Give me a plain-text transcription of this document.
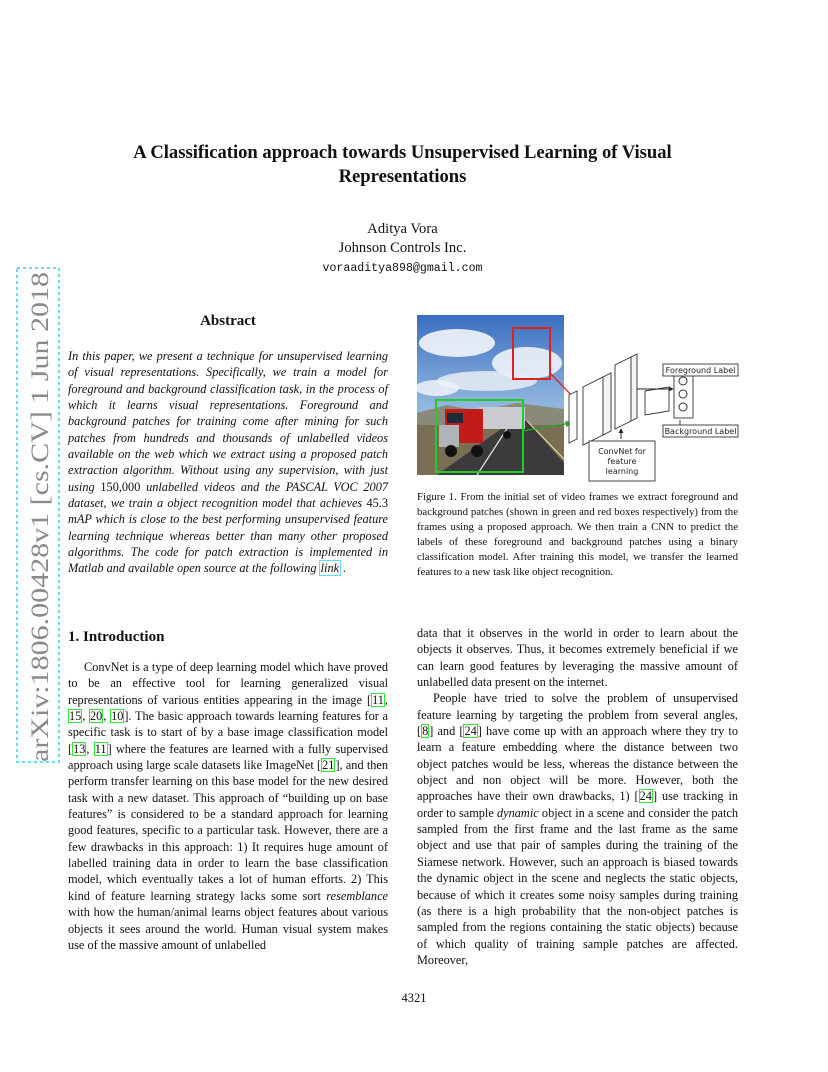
arXiv:1806.00428v1 [cs.CV] 1 Jun 2018
A Classification approach towards Unsupervised Learning of Visual
Representations
Aditya Vora
Johnson Controls Inc.
voraaditya898@gmail.com
Abstract

In this paper, we present a technique for unsupervised learning of visual representations. Specifically, we train a model for foreground and background classification task, in the process of which it learns visual representations. Foreground and background patches for training come after mining for such patches from hundreds and thousands of unlabelled videos available on the web which we extract using a proposed patch extraction algorithm. Without using any supervision, with just using 150,000 unlabelled videos and the PASCAL VOC 2007 dataset, we train a object recognition model that achieves 45.3 mAP which is close to the best performing unsupervised feature learning technique whereas better than many other proposed algorithms. The code for patch extraction is implemented in Matlab and available open source at the following link .

Foreground Label
Background Label
ConvNet for
feature
learning

Figure 1. From the initial set of video frames we extract foreground and background patches (shown in green and red boxes respectively) from the frames using a proposed approach. We then train a CNN to predict the labels of these foreground and background patches using a binary classification model. After training this model, we transfer the learned features to a new task like object recognition.

1. Introduction

ConvNet is a type of deep learning model which have proved to be an effective tool for learning generalized visual representations of various entities appearing in the image [11, 15, 20, 10]. The basic approach towards learning features for a specific task is to start of by a base image classification model [13, 11] where the features are learned with a fully supervised approach using large scale datasets like ImageNet [21], and then perform transfer learning on this base model for the new desired task with a new dataset. This approach of “building up on base features” is considered to be a standard approach for learning good features, specific to a particular task. However, there are a few drawbacks in this approach: 1) It requires huge amount of labelled training data in order to learn the base classification model, which eventually takes a lot of human efforts. 2) This kind of feature learning strategy lacks some sort resemblance with how the human/animal learns object features about various objects it sees around the world. Human visual system makes use of the massive amount of unlabelled

data that it observes in the world in order to learn about the objects it observes. Thus, it becomes extremely beneficial if we can learn good features by leveraging the massive amount of unlabelled data present on the internet.

People have tried to solve the problem of unsupervised feature learning by targeting the problem from several angles, [8] and [24] have come up with an approach where they try to learn a feature embedding where the distance between two object patches would be less, whereas the distance between the object and non object will be more. However, both the approaches have their own drawbacks, 1) [24] use tracking in order to sample dynamic object in a scene and consider the patch sampled from the first frame and the last frame as the same object and use that pair of samples during the training of the Siamese network. However, such an approach is biased towards the dynamic object in the scene and neglects the static objects, because of which it creates some noisy samples during training (as there is a high probability that the non-object patches is sampled from the regions containing the static objects) because of which quality of training sample patches are affected. Moreover,

4321
